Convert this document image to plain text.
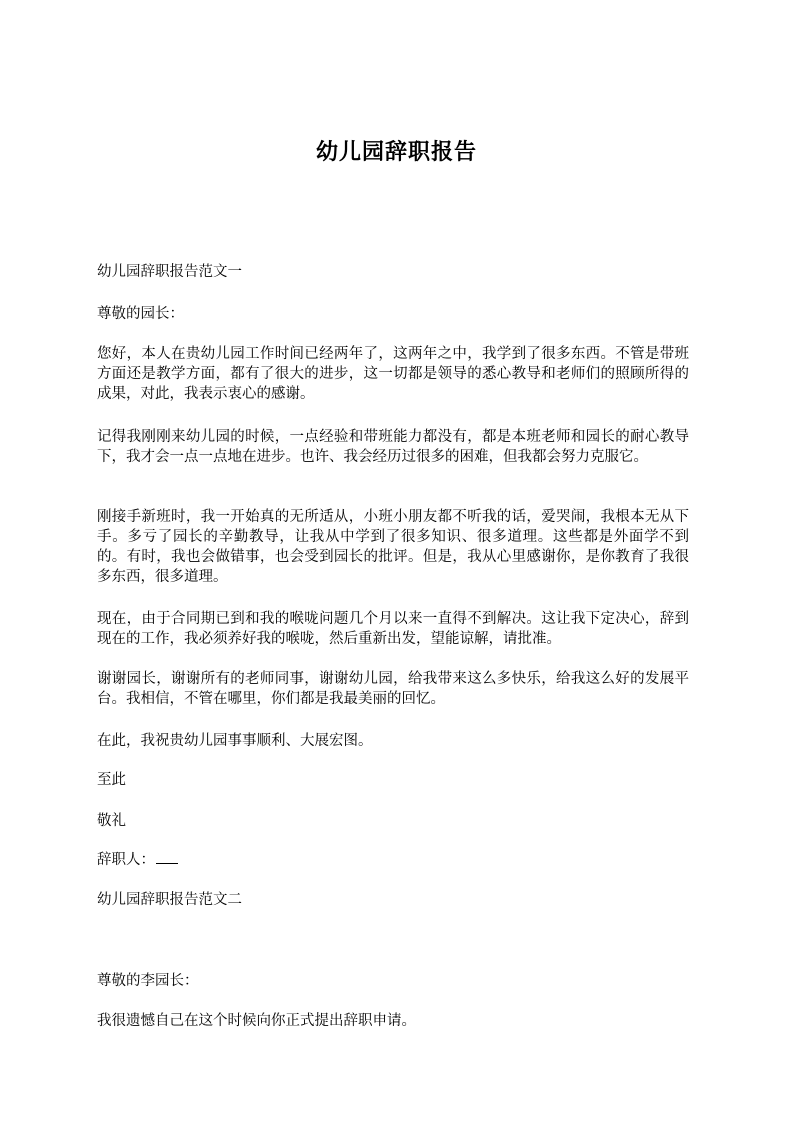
幼儿园辞职报告

幼儿园辞职报告范文一

尊敬的园长：

您好，本人在贵幼儿园工作时间已经两年了，这两年之中，我学到了很多东西。不管是带班方面还是教学方面，都有了很大的进步，这一切都是领导的悉心教导和老师们的照顾所得的成果，对此，我表示衷心的感谢。

记得我刚刚来幼儿园的时候，一点经验和带班能力都没有，都是本班老师和园长的耐心教导下，我才会一点一点地在进步。也许、我会经历过很多的困难，但我都会努力克服它。

刚接手新班时，我一开始真的无所适从，小班小朋友都不听我的话，爱哭闹，我根本无从下手。多亏了园长的辛勤教导，让我从中学到了很多知识、很多道理。这些都是外面学不到的。有时，我也会做错事，也会受到园长的批评。但是，我从心里感谢你，是你教育了我很多东西，很多道理。

现在，由于合同期已到和我的喉咙问题几个月以来一直得不到解决。这让我下定决心，辞到现在的工作，我必须养好我的喉咙，然后重新出发，望能谅解，请批准。

谢谢园长，谢谢所有的老师同事，谢谢幼儿园，给我带来这么多快乐，给我这么好的发展平台。我相信，不管在哪里，你们都是我最美丽的回忆。

在此，我祝贵幼儿园事事顺利、大展宏图。

至此

敬礼

辞职人：

幼儿园辞职报告范文二

尊敬的李园长：

我很遗憾自己在这个时候向你正式提出辞职申请。
